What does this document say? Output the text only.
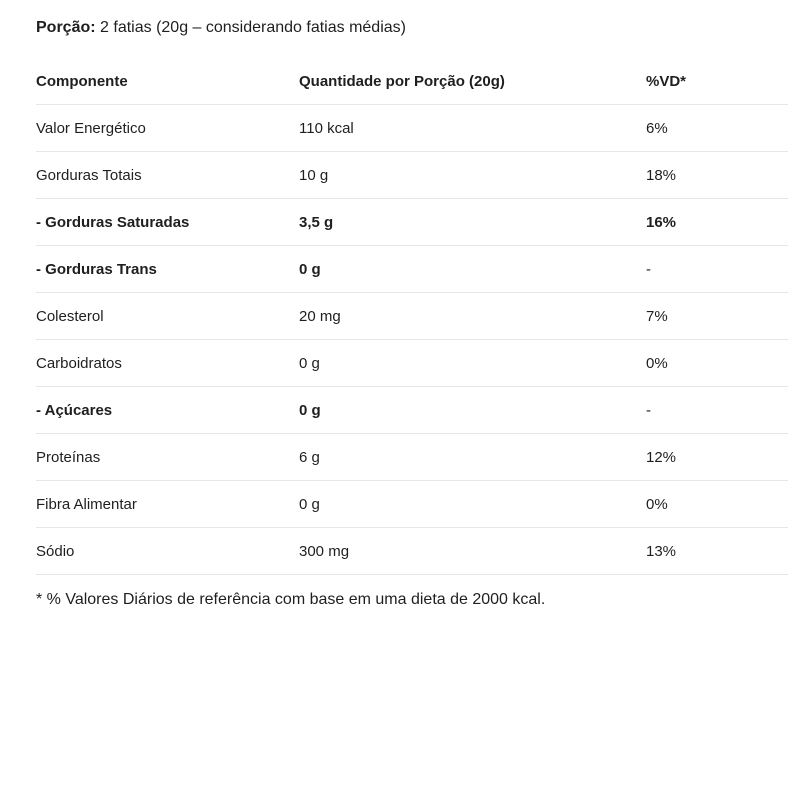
Porção: 2 fatias (20g – considerando fatias médias)
Componente	Quantidade por Porção (20g)	%VD*
Valor Energético	110 kcal	6%
Gorduras Totais	10 g	18%
- Gorduras Saturadas	3,5 g	16%
- Gorduras Trans	0 g	-
Colesterol	20 mg	7%
Carboidratos	0 g	0%
- Açúcares	0 g	-
Proteínas	6 g	12%
Fibra Alimentar	0 g	0%
Sódio	300 mg	13%
* % Valores Diários de referência com base em uma dieta de 2000 kcal.
